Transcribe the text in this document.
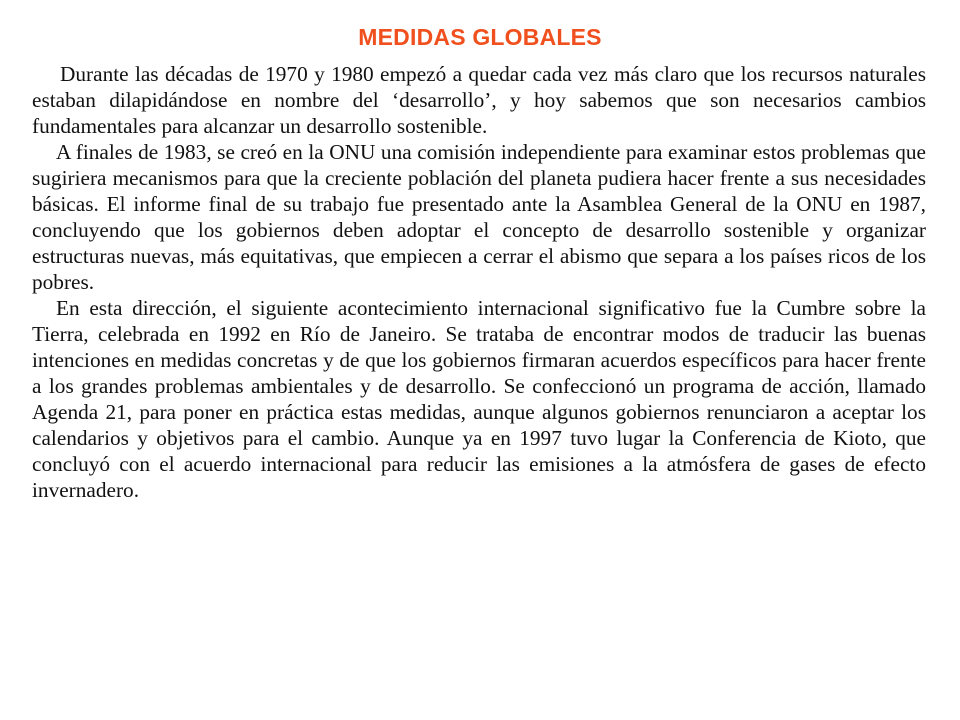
MEDIDAS GLOBALES

Durante las décadas de 1970 y 1980 empezó a quedar cada vez más claro que los recursos naturales estaban dilapidándose en nombre del ‘desarrollo’, y hoy sabemos que son necesarios cambios fundamentales para alcanzar un desarrollo sostenible.

A finales de 1983, se creó en la ONU una comisión independiente para examinar estos problemas que sugiriera mecanismos para que la creciente población del planeta pudiera hacer frente a sus necesidades básicas. El informe final de su trabajo fue presentado ante la Asamblea General de la ONU en 1987, concluyendo que los gobiernos deben adoptar el concepto de desarrollo sostenible y organizar estructuras nuevas, más equitativas, que empiecen a cerrar el abismo que separa a los países ricos de los pobres.

En esta dirección, el siguiente acontecimiento internacional significativo fue la Cumbre sobre la Tierra, celebrada en 1992 en Río de Janeiro. Se trataba de encontrar modos de traducir las buenas intenciones en medidas concretas y de que los gobiernos firmaran acuerdos específicos para hacer frente a los grandes problemas ambientales y de desarrollo. Se confeccionó un programa de acción, llamado Agenda 21, para poner en práctica estas medidas, aunque algunos gobiernos renunciaron a aceptar los calendarios y objetivos para el cambio. Aunque ya en 1997 tuvo lugar la Conferencia de Kioto, que concluyó con el acuerdo internacional para reducir las emisiones a la atmósfera de gases de efecto invernadero.
